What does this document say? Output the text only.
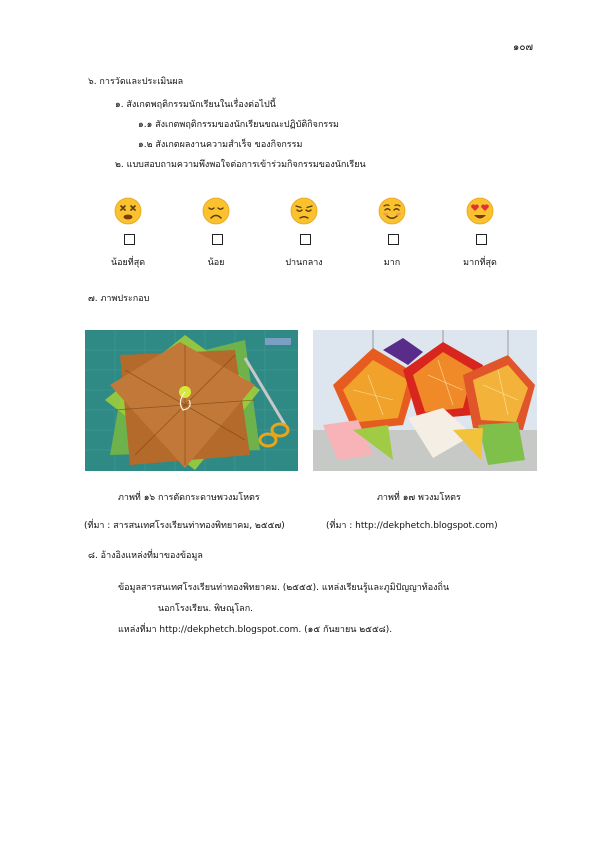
๑๐๗
๖. การวัดและประเมินผล
๑. สังเกตพฤติกรรมนักเรียนในเรื่องต่อไปนี้
๑.๑ สังเกตพฤติกรรมของนักเรียนขณะปฏิบัติกิจกรรม
๑.๒ สังเกตผลงานความสำเร็จ ของกิจกรรม
๒. แบบสอบถามความพึงพอใจต่อการเข้าร่วมกิจกรรมของนักเรียน
น้อยที่สุด	น้อย	ปานกลาง	มาก	มากที่สุด
๗. ภาพประกอบ
ภาพที่ ๑๖ การตัดกระดาษพวงมโหตร	ภาพที่ ๑๗ พวงมโหตร
(ที่มา : สารสนเทศโรงเรียนท่าทองพิทยาคม, ๒๕๕๗)	(ที่มา : http://dekphetch.blogspot.com)
๘. อ้างอิงแหล่งที่มาของข้อมูล
ข้อมูลสารสนเทศโรงเรียนท่าทองพิทยาคม. (๒๕๕๕). แหล่งเรียนรู้และภูมิปัญญาท้องถิ่น
นอกโรงเรียน. พิษณุโลก.
แหล่งที่มา http://dekphetch.blogspot.com. (๑๕ กันยายน ๒๕๕๘).
